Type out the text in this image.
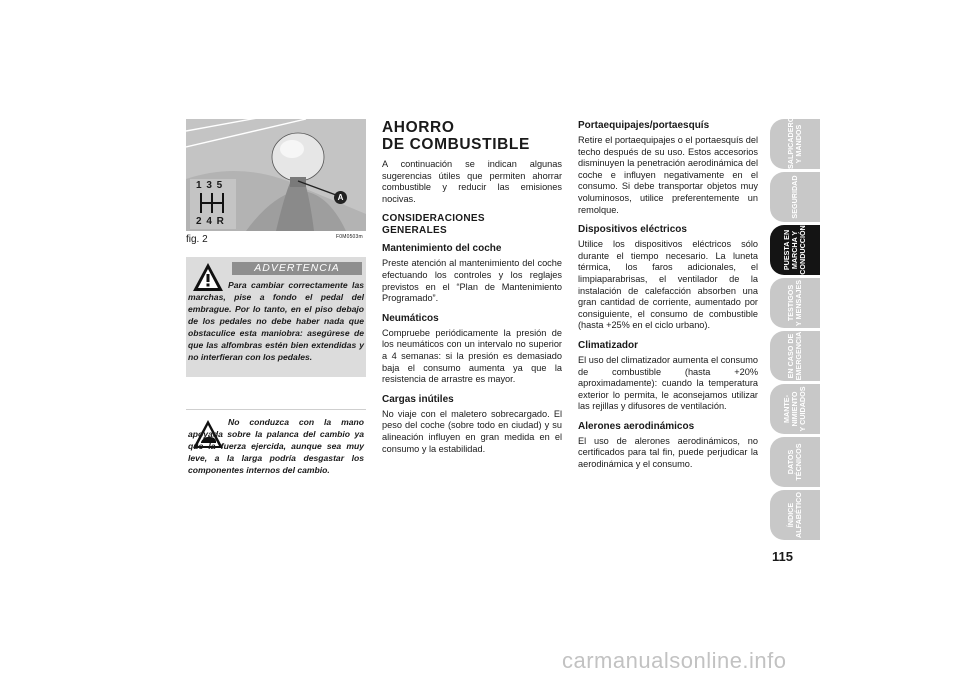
1 3 5
2 4 R
A
fig. 2	F0M0503m
ADVERTENCIA

Para cambiar correctamente las marchas, pise a fondo el pedal del embrague. Por lo tanto, en el piso debajo de los pedales no debe haber nada que obstaculice esta maniobra: asegúrese de que las alfombras estén bien extendidas y no interfieran con los pedales.

No conduzca con la mano apoyada sobre la palanca del cambio ya que la fuerza ejercida, aunque sea muy leve, a la larga podría desgastar los componentes internos del cambio.

AHORRO
DE COMBUSTIBLE

A continuación se indican algunas sugerencias útiles que permiten ahorrar combustible y reducir las emisiones nocivas.

CONSIDERACIONES
GENERALES
Mantenimiento del coche

Preste atención al mantenimiento del coche efectuando los controles y los reglajes previstos en el “Plan de Mantenimiento Programado”.

Neumáticos

Compruebe periódicamente la presión de los neumáticos con un intervalo no superior a 4 semanas: si la presión es demasiado baja el consumo aumenta ya que la resistencia de arrastre es mayor.

Cargas inútiles

No viaje con el maletero sobrecargado. El peso del coche (sobre todo en ciudad) y su alineación influyen en gran medida en el consumo y la estabilidad.

Portaequipajes/portaesquís

Retire el portaequipajes o el portaesquís del techo después de su uso. Estos accesorios disminuyen la penetración aerodinámica del coche e influyen negativamente en el consumo. Si debe transportar objetos muy voluminosos, utilice preferentemente un remolque.

Dispositivos eléctricos

Utilice los dispositivos eléctricos sólo durante el tiempo necesario. La luneta térmica, los faros adicionales, el limpiaparabrisas, el ventilador de la instalación de calefacción absorben una gran cantidad de corriente, aumentado por consiguiente, el consumo de combustible (hasta +25% en el ciclo urbano).

Climatizador

El uso del climatizador aumenta el consumo de combustible (hasta +20% aproximadamente): cuando la temperatura exterior lo permita, le aconsejamos utilizar las rejillas y difusores de ventilación.

Alerones aerodinámicos

El uso de alerones aerodinámicos, no certificados para tal fin, puede perjudicar la aerodinámica y el consumo.

SALPICADERO Y MANDOS
SEGURIDAD
PUESTA EN MARCHA Y CONDUCCIÓN
TESTIGOS Y MENSAJES
EN CASO DE EMERGENCIA
MANTE- NIMIENTO Y CUIDADOS
DATOS TÉCNICOS
ÍNDICE ALFABÉTICO
115
carmanualsonline.info
